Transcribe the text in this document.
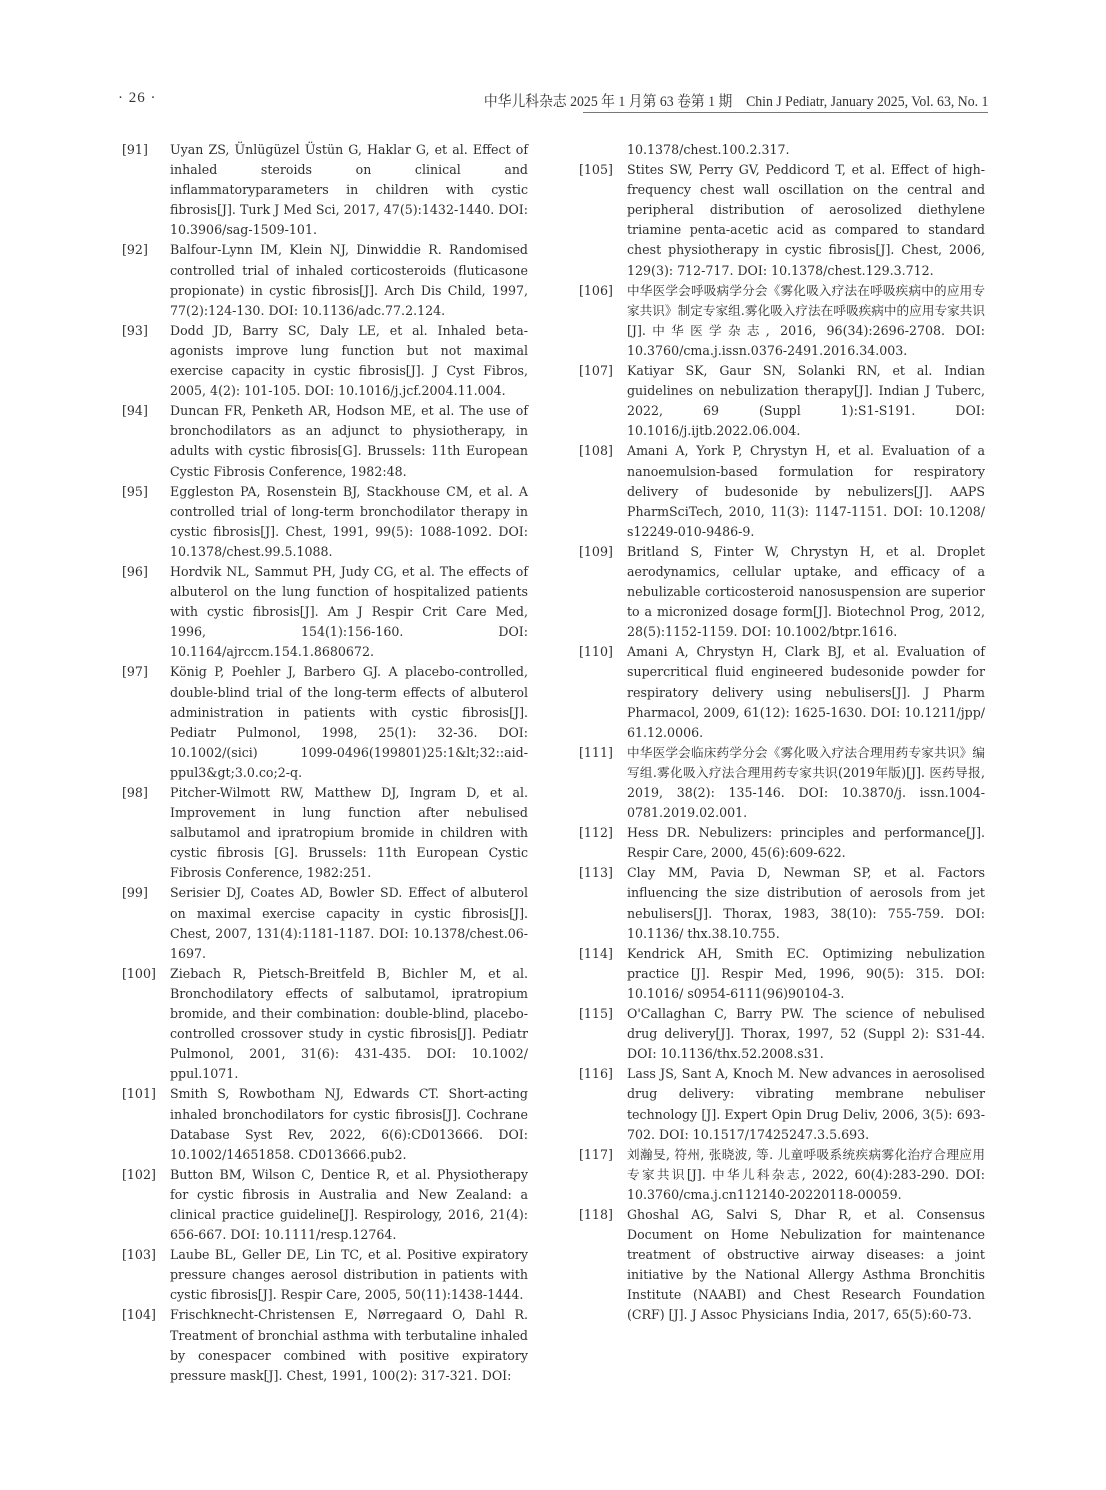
· 26 ·	中华儿科杂志 2025 年 1 月第 63 卷第 1 期　Chin J Pediatr, January 2025, Vol. 63, No. 1

[91]	Uyan ZS, Ünlügüzel Üstün G, Haklar G, et al. Effect of inhaled steroids on clinical and inflammatoryparameters in children with cystic fibrosis[J]. Turk J Med Sci, 2017, 47(5):1432-1440. DOI: 10.3906/sag-1509-101.

[92]	Balfour-Lynn IM, Klein NJ, Dinwiddie R. Randomised controlled trial of inhaled corticosteroids (fluticasone propionate) in cystic fibrosis[J]. Arch Dis Child, 1997, 77(2):124-130. DOI: 10.1136/adc.77.2.124.

[93]	Dodd JD, Barry SC, Daly LE, et al. Inhaled beta-agonists improve lung function but not maximal exercise capacity in cystic fibrosis[J]. J Cyst Fibros, 2005, 4(2): 101-105. DOI: 10.1016/j.jcf.2004.11.004.

[94]	Duncan FR, Penketh AR, Hodson ME, et al. The use of bronchodilators as an adjunct to physiotherapy, in adults with cystic fibrosis[G]. Brussels: 11th European Cystic Fibrosis Conference, 1982:48.

[95]	Eggleston PA, Rosenstein BJ, Stackhouse CM, et al. A controlled trial of long-term bronchodilator therapy in cystic fibrosis[J]. Chest, 1991, 99(5): 1088-1092. DOI: 10.1378/chest.99.5.1088.

[96]	Hordvik NL, Sammut PH, Judy CG, et al. The effects of albuterol on the lung function of hospitalized patients with cystic fibrosis[J]. Am J Respir Crit Care Med, 1996, 154(1):156-160. DOI: 10.1164/ajrccm.154.1.8680672.

[97]	König P, Poehler J, Barbero GJ. A placebo-controlled, double-blind trial of the long-term effects of albuterol administration in patients with cystic fibrosis[J]. Pediatr Pulmonol, 1998, 25(1): 32-36. DOI: 10.1002/(sici) 1099-0496(199801)25:1&lt;32::aid-ppul3&gt;3.0.co;2-q.

[98]	Pitcher-Wilmott RW, Matthew DJ, Ingram D, et al. Improvement in lung function after nebulised salbutamol and ipratropium bromide in children with cystic fibrosis [G]. Brussels: 11th European Cystic Fibrosis Conference, 1982:251.

[99]	Serisier DJ, Coates AD, Bowler SD. Effect of albuterol on maximal exercise capacity in cystic fibrosis[J]. Chest, 2007, 131(4):1181-1187. DOI: 10.1378/chest.06-1697.

[100]	Ziebach R, Pietsch-Breitfeld B, Bichler M, et al. Bronchodilatory effects of salbutamol, ipratropium bromide, and their combination: double-blind, placebo-controlled crossover study in cystic fibrosis[J]. Pediatr Pulmonol, 2001, 31(6): 431-435. DOI: 10.1002/ ppul.1071.

[101]	Smith S, Rowbotham NJ, Edwards CT. Short-acting inhaled bronchodilators for cystic fibrosis[J]. Cochrane Database Syst Rev, 2022, 6(6):CD013666. DOI: 10.1002/14651858. CD013666.pub2.

[102]	Button BM, Wilson C, Dentice R, et al. Physiotherapy for cystic fibrosis in Australia and New Zealand: a clinical practice guideline[J]. Respirology, 2016, 21(4): 656-667. DOI: 10.1111/resp.12764.

[103]	Laube BL, Geller DE, Lin TC, et al. Positive expiratory pressure changes aerosol distribution in patients with cystic fibrosis[J]. Respir Care, 2005, 50(11):1438-1444.

[104]	Frischknecht-Christensen E, Nørregaard O, Dahl R. Treatment of bronchial asthma with terbutaline inhaled by conespacer combined with positive expiratory pressure mask[J]. Chest, 1991, 100(2): 317-321. DOI:

10.1378/chest.100.2.317.

[105]	Stites SW, Perry GV, Peddicord T, et al. Effect of high-frequency chest wall oscillation on the central and peripheral distribution of aerosolized diethylene triamine penta-acetic acid as compared to standard chest physiotherapy in cystic fibrosis[J]. Chest, 2006, 129(3): 712-717. DOI: 10.1378/chest.129.3.712.

[106]	中华医学会呼吸病学分会《雾化吸入疗法在呼吸疾病中的应用专家共识》制定专家组.雾化吸入疗法在呼吸疾病中的应用专家共识[J].中华医学杂志, 2016, 96(34):2696-2708. DOI: 10.3760/cma.j.issn.0376-2491.2016.34.003.

[107]	Katiyar SK, Gaur SN, Solanki RN, et al. Indian guidelines on nebulization therapy[J]. Indian J Tuberc, 2022, 69 (Suppl 1):S1-S191. DOI: 10.1016/j.ijtb.2022.06.004.

[108]	Amani A, York P, Chrystyn H, et al. Evaluation of a nanoemulsion-based formulation for respiratory delivery of budesonide by nebulizers[J]. AAPS PharmSciTech, 2010, 11(3): 1147-1151. DOI: 10.1208/ s12249-010-9486-9.

[109]	Britland S, Finter W, Chrystyn H, et al. Droplet aerodynamics, cellular uptake, and efficacy of a nebulizable corticosteroid nanosuspension are superior to a micronized dosage form[J]. Biotechnol Prog, 2012, 28(5):1152-1159. DOI: 10.1002/btpr.1616.

[110]	Amani A, Chrystyn H, Clark BJ, et al. Evaluation of supercritical fluid engineered budesonide powder for respiratory delivery using nebulisers[J]. J Pharm Pharmacol, 2009, 61(12): 1625-1630. DOI: 10.1211/jpp/ 61.12.0006.

[111]	中华医学会临床药学分会《雾化吸入疗法合理用药专家共识》编写组.雾化吸入疗法合理用药专家共识(2019年版)[J]. 医药导报, 2019, 38(2): 135-146. DOI: 10.3870/j. issn.1004-0781.2019.02.001.

[112]	Hess DR. Nebulizers: principles and performance[J]. Respir Care, 2000, 45(6):609-622.

[113]	Clay MM, Pavia D, Newman SP, et al. Factors influencing the size distribution of aerosols from jet nebulisers[J]. Thorax, 1983, 38(10): 755-759. DOI: 10.1136/ thx.38.10.755.

[114]	Kendrick AH, Smith EC. Optimizing nebulization practice [J]. Respir Med, 1996, 90(5): 315. DOI: 10.1016/ s0954-6111(96)90104-3.

[115]	O'Callaghan C, Barry PW. The science of nebulised drug delivery[J]. Thorax, 1997, 52 (Suppl 2): S31-44. DOI: 10.1136/thx.52.2008.s31.

[116]	Lass JS, Sant A, Knoch M. New advances in aerosolised drug delivery: vibrating membrane nebuliser technology [J]. Expert Opin Drug Deliv, 2006, 3(5): 693-702. DOI: 10.1517/17425247.3.5.693.

[117]	刘瀚旻, 符州, 张晓波, 等. 儿童呼吸系统疾病雾化治疗合理应用专家共识[J]. 中华儿科杂志, 2022, 60(4):283-290. DOI: 10.3760/cma.j.cn112140-20220118-00059.

[118]	Ghoshal AG, Salvi S, Dhar R, et al. Consensus Document on Home Nebulization for maintenance treatment of obstructive airway diseases: a joint initiative by the National Allergy Asthma Bronchitis Institute (NAABI) and Chest Research Foundation (CRF) [J]. J Assoc Physicians India, 2017, 65(5):60-73.
